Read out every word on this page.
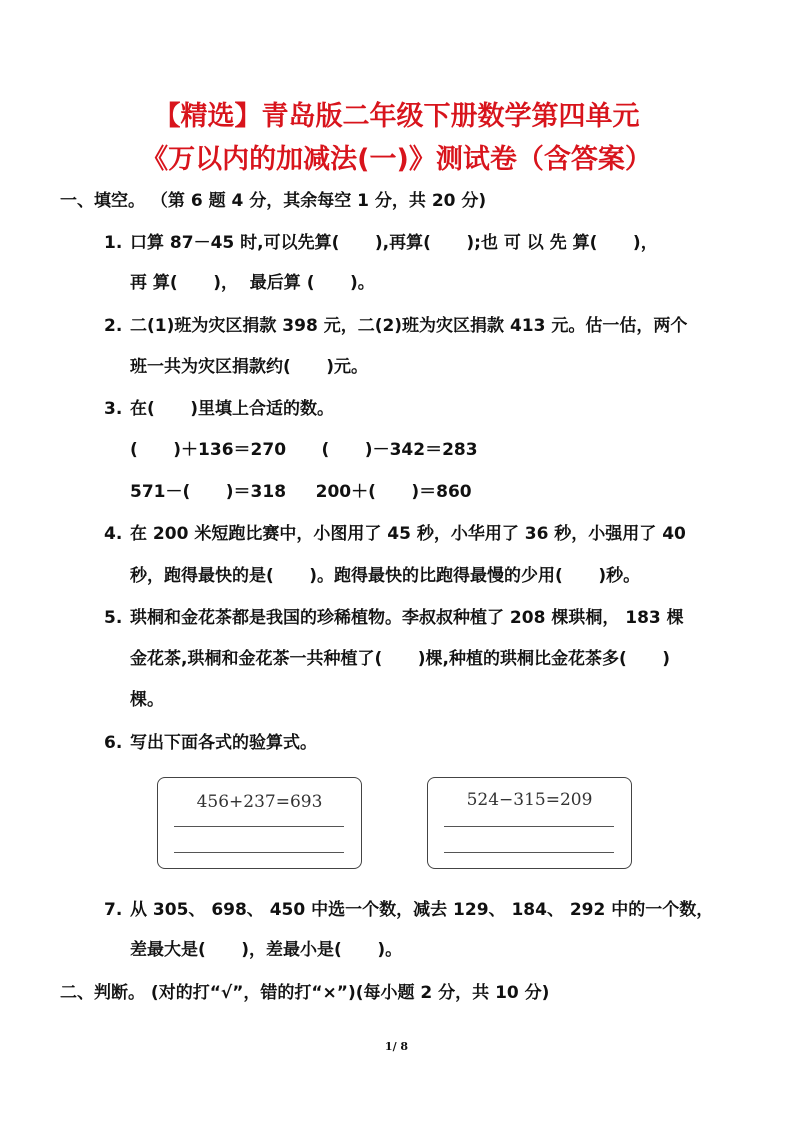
【精选】青岛版二年级下册数学第四单元
《万以内的加减法(一)》测试卷（含答案）
一、填空。 （第 6 题 4 分，其余每空 1 分，共 20 分)
1. 口算 87－45 时,可以先算(      ),再算(      );也 可 以 先 算(      )，
再 算(      )，  最后算 (      )。
2. 二(1)班为灾区捐款 398 元，二(2)班为灾区捐款 413 元。估一估，两个
班一共为灾区捐款约(      )元。
3. 在(      )里填上合适的数。
(      )＋136＝270      (      )－342＝283
571－(      )＝318     200＋(      )＝860
4. 在 200 米短跑比赛中，小图用了 45 秒，小华用了 36 秒，小强用了 40
秒，跑得最快的是(      )。跑得最快的比跑得最慢的少用(      )秒。
5. 珙桐和金花茶都是我国的珍稀植物。李叔叔种植了 208 棵珙桐， 183 棵
金花茶,珙桐和金花茶一共种植了(      )棵,种植的珙桐比金花茶多(      )
棵。
6. 写出下面各式的验算式。
456+237=693	524−315=209
7. 从 305、 698、 450 中选一个数，减去 129、 184、 292 中的一个数，
差最大是(      )，差最小是(      )。
二、判断。 (对的打“√”，错的打“×”)(每小题 2 分，共 10 分)
1/ 8
